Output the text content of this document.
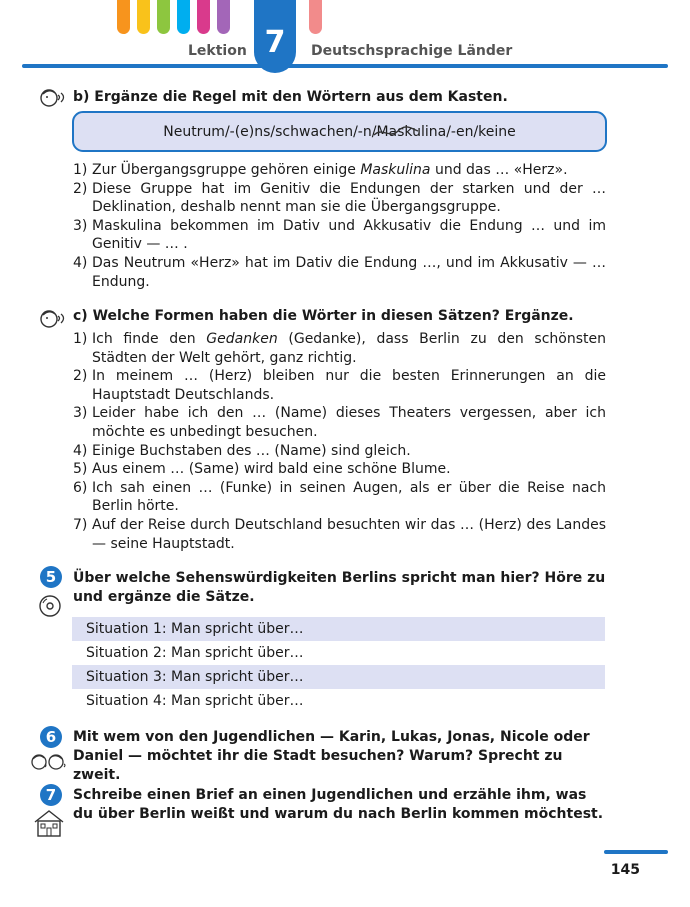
Lektion 7	Deutschsprachige Länder
b) Ergänze die Regel mit den Wörtern aus dem Kasten.
Neutrum/-(e)ns/schwachen/-n/ Maskulina /-en/keine
1) Zur Übergangsgruppe gehören einige Maskulina und das … «Herz».
2) Diese Gruppe hat im Genitiv die Endungen der starken und der … Deklination, deshalb nennt man sie die Übergangsgruppe.
3) Maskulina bekommen im Dativ und Akkusativ die Endung … und im Genitiv — … .
4) Das Neutrum «Herz» hat im Dativ die Endung …, und im Akkusativ — … Endung.
c) Welche Formen haben die Wörter in diesen Sätzen? Ergänze.
1) Ich finde den Gedanken (Gedanke), dass Berlin zu den schönsten Städten der Welt gehört, ganz richtig.
2) In meinem … (Herz) bleiben nur die besten Erinnerungen an die Hauptstadt Deutschlands.
3) Leider habe ich den … (Name) dieses Theaters vergessen, aber ich möchte es unbedingt besuchen.
4) Einige Buchstaben des … (Name) sind gleich.
5) Aus einem … (Same) wird bald eine schöne Blume.
6) Ich sah einen … (Funke) in seinen Augen, als er über die Reise nach Berlin hörte.
7) Auf der Reise durch Deutschland besuchten wir das … (Herz) des Landes — seine Hauptstadt.
5	Über welche Sehenswürdigkeiten Berlins spricht man hier? Höre zu und ergänze die Sätze.
Situation 1: Man spricht über…
Situation 2: Man spricht über…
Situation 3: Man spricht über…
Situation 4: Man spricht über…
6	Mit wem von den Jugendlichen — Karin, Lukas, Jonas, Nicole oder Daniel — möchtet ihr die Stadt besuchen? Warum? Sprecht zu zweit.
7	Schreibe einen Brief an einen Jugendlichen und erzähle ihm, was du über Berlin weißt und warum du nach Berlin kommen möchtest.
145
